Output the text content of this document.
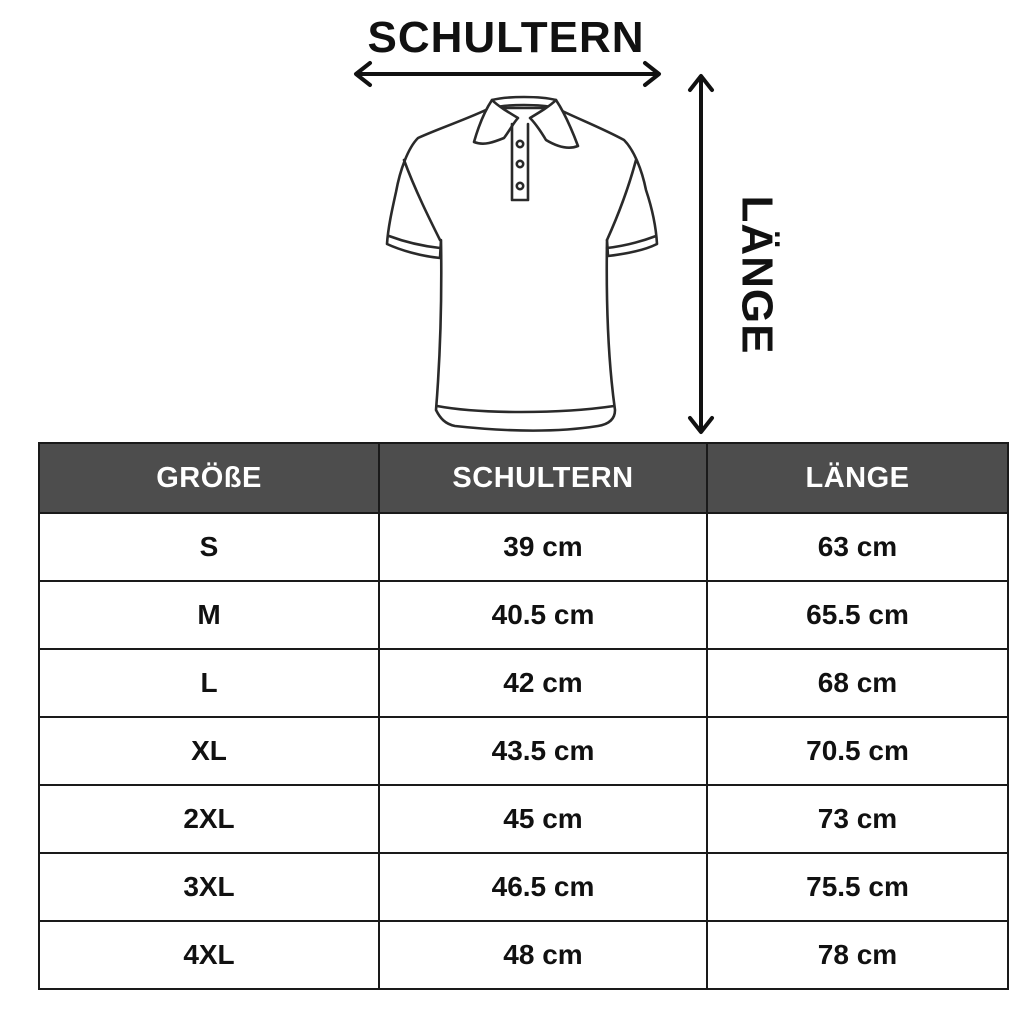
SCHULTERN
LÄNGE
GRÖßE	SCHULTERN	LÄNGE
S	39 cm	63 cm
M	40.5 cm	65.5 cm
L	42 cm	68 cm
XL	43.5 cm	70.5 cm
2XL	45 cm	73 cm
3XL	46.5 cm	75.5 cm
4XL	48 cm	78 cm
